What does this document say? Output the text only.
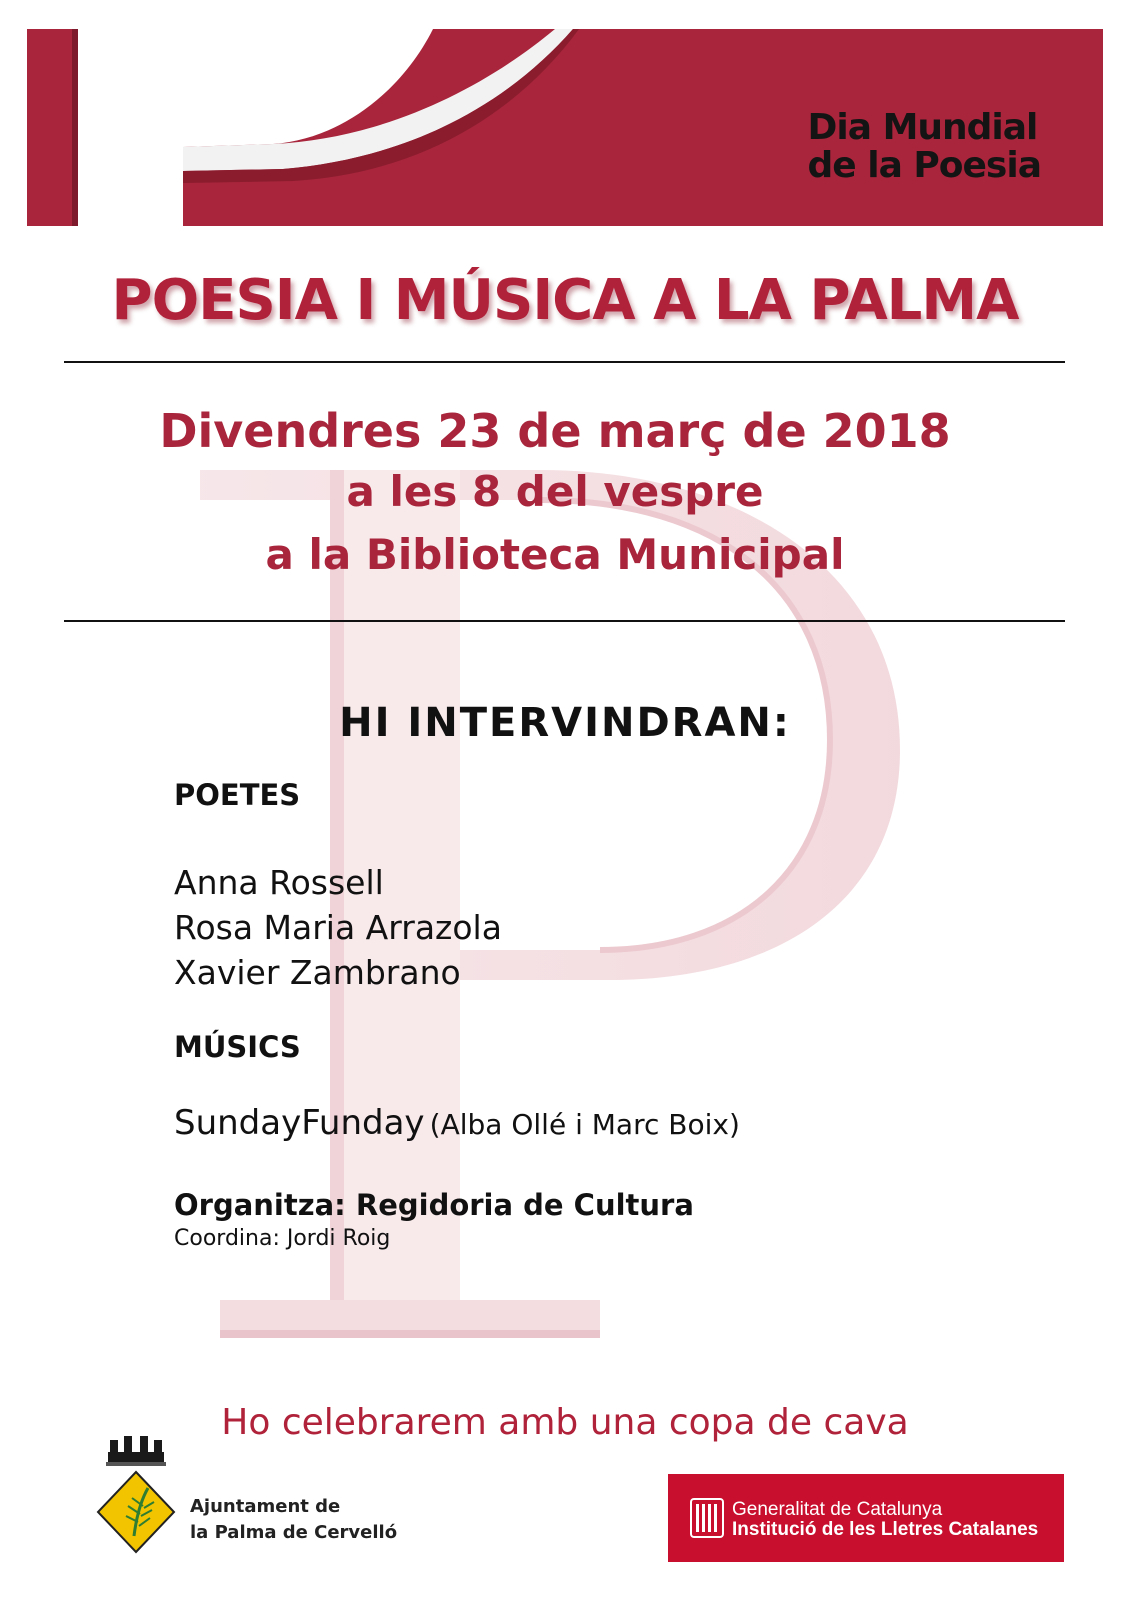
Dia Mundial
de la Poesia
POESIA I MÚSICA A LA PALMA
Divendres 23 de març de 2018
a les 8 del vespre
a la Biblioteca Municipal
HI INTERVINDRAN:
POETES
Anna Rossell
Rosa Maria Arrazola
Xavier Zambrano
MÚSICS
SundayFunday (Alba Ollé i Marc Boix)
Organitza: Regidoria de Cultura
Coordina: Jordi Roig
Ho celebrarem amb una copa de cava
Ajuntament de
la Palma de Cervelló
Generalitat de Catalunya
Institució de les Lletres Catalanes
